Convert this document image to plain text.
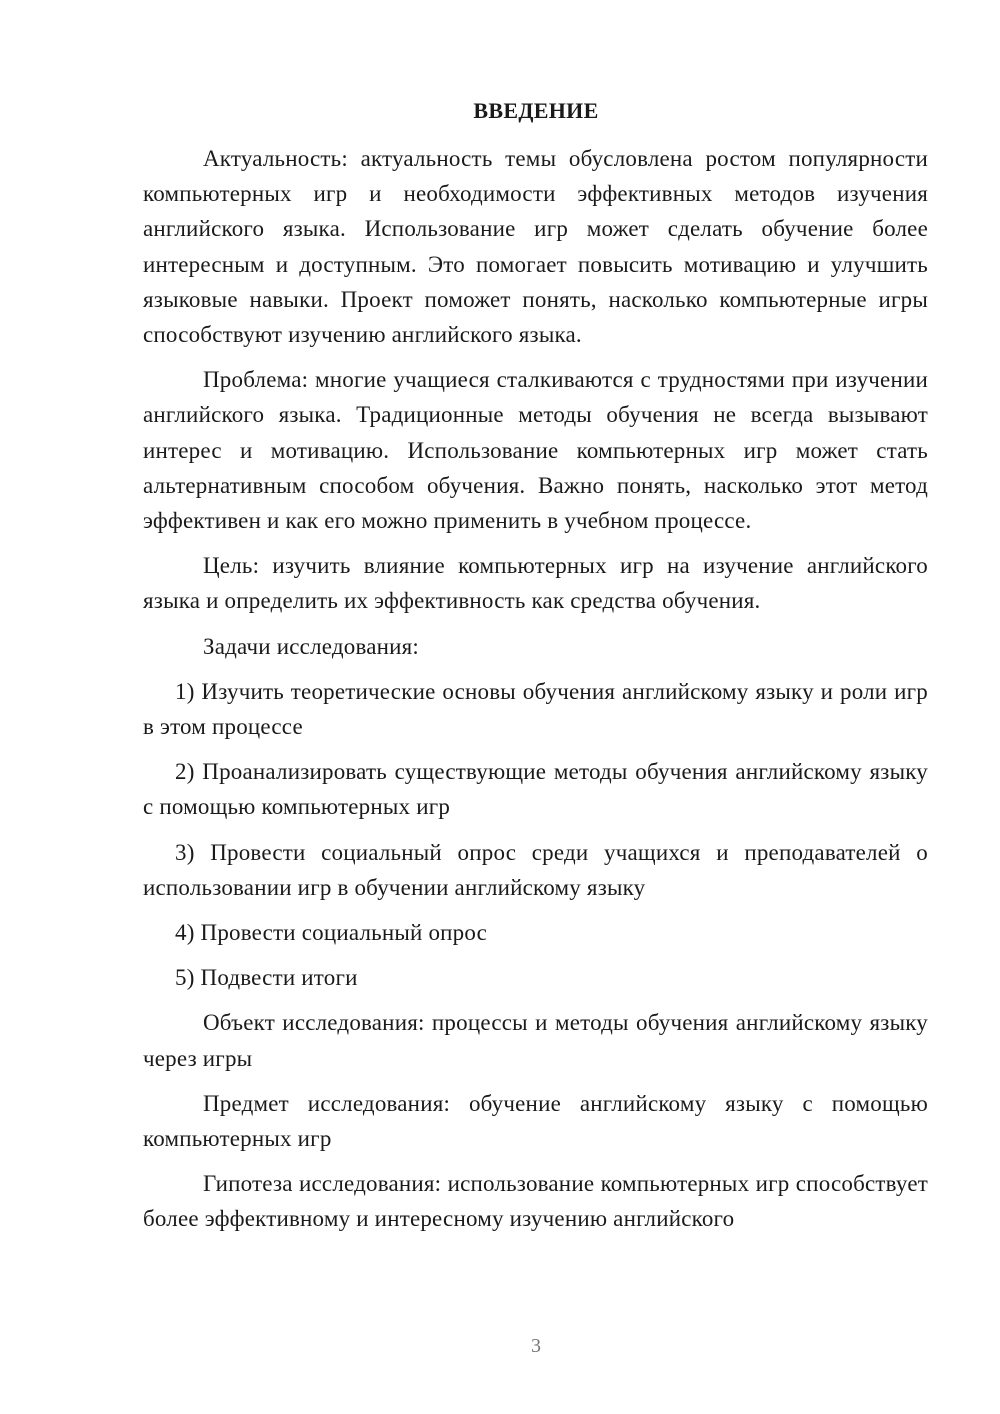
ВВЕДЕНИЕ

Актуальность: актуальность темы обусловлена ростом популярности компьютерных игр и необходимости эффективных методов изучения английского языка. Использование игр может сделать обучение более интересным и доступным. Это помогает повысить мотивацию и улучшить языковые навыки. Проект поможет понять, насколько компьютерные игры способствуют изучению английского языка.

Проблема: многие учащиеся сталкиваются с трудностями при изучении английского языка. Традиционные методы обучения не всегда вызывают интерес и мотивацию. Использование компьютерных игр может стать альтернативным способом обучения. Важно понять, насколько этот метод эффективен и как его можно применить в учебном процессе.

Цель: изучить влияние компьютерных игр на изучение английского языка и определить их эффективность как средства обучения.

Задачи исследования:

1) Изучить теоретические основы обучения английскому языку и роли игр в этом процессе

2) Проанализировать существующие методы обучения английскому языку с помощью компьютерных игр

3) Провести социальный опрос среди учащихся и преподавателей о использовании игр в обучении английскому языку

4) Провести социальный опрос

5) Подвести итоги

Объект исследования: процессы и методы обучения английскому языку через игры

Предмет исследования: обучение английскому языку с помощью компьютерных игр

Гипотеза исследования: использование компьютерных игр способствует более эффективному и интересному изучению английского

3
